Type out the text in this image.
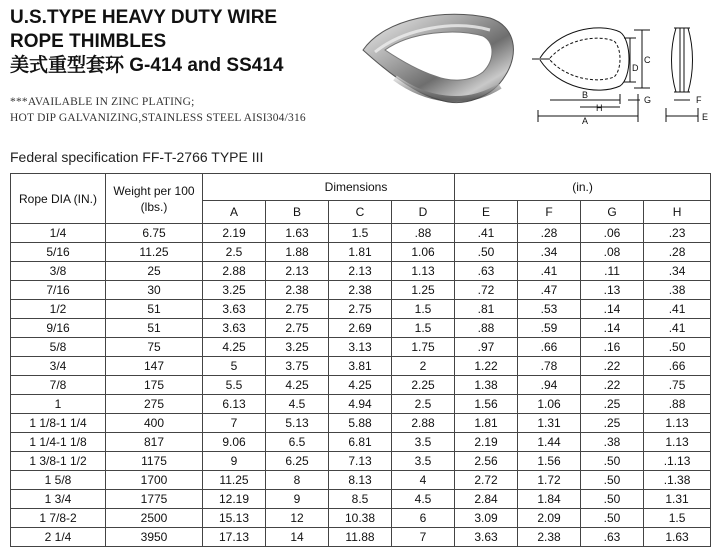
U.S.TYPE HEAVY DUTY WIRE
ROPE THIMBLES
美式重型套环 G-414 and SS414
***AVAILABLE IN ZINC PLATING;
HOT DIP GALVANIZING,STAINLESS STEEL AISI304/316
C
D
B
H
G
A
F
E
Federal specification FF-T-2766 TYPE III
Rope DIA (IN.)	Weight per 100 (lbs.)	Dimensions				(in.)			
		A	B	C	D	E	F	G	H
1/4	6.75	2.19	1.63	1.5	.88	.41	.28	.06	.23
5/16	11.25	2.5	1.88	1.81	1.06	.50	.34	.08	.28
3/8	25	2.88	2.13	2.13	1.13	.63	.41	.11	.34
7/16	30	3.25	2.38	2.38	1.25	.72	.47	.13	.38
1/2	51	3.63	2.75	2.75	1.5	.81	.53	.14	.41
9/16	51	3.63	2.75	2.69	1.5	.88	.59	.14	.41
5/8	75	4.25	3.25	3.13	1.75	.97	.66	.16	.50
3/4	147	5	3.75	3.81	2	1.22	.78	.22	.66
7/8	175	5.5	4.25	4.25	2.25	1.38	.94	.22	.75
1	275	6.13	4.5	4.94	2.5	1.56	1.06	.25	.88
1 1/8-1 1/4	400	7	5.13	5.88	2.88	1.81	1.31	.25	1.13
1 1/4-1 1/8	817	9.06	6.5	6.81	3.5	2.19	1.44	.38	1.13
1 3/8-1 1/2	1175	9	6.25	7.13	3.5	2.56	1.56	.50	.1.13
1 5/8	1700	11.25	8	8.13	4	2.72	1.72	.50	.1.38
1 3/4	1775	12.19	9	8.5	4.5	2.84	1.84	.50	1.31
1 7/8-2	2500	15.13	12	10.38	6	3.09	2.09	.50	1.5
2 1/4	3950	17.13	14	11.88	7	3.63	2.38	.63	1.63
